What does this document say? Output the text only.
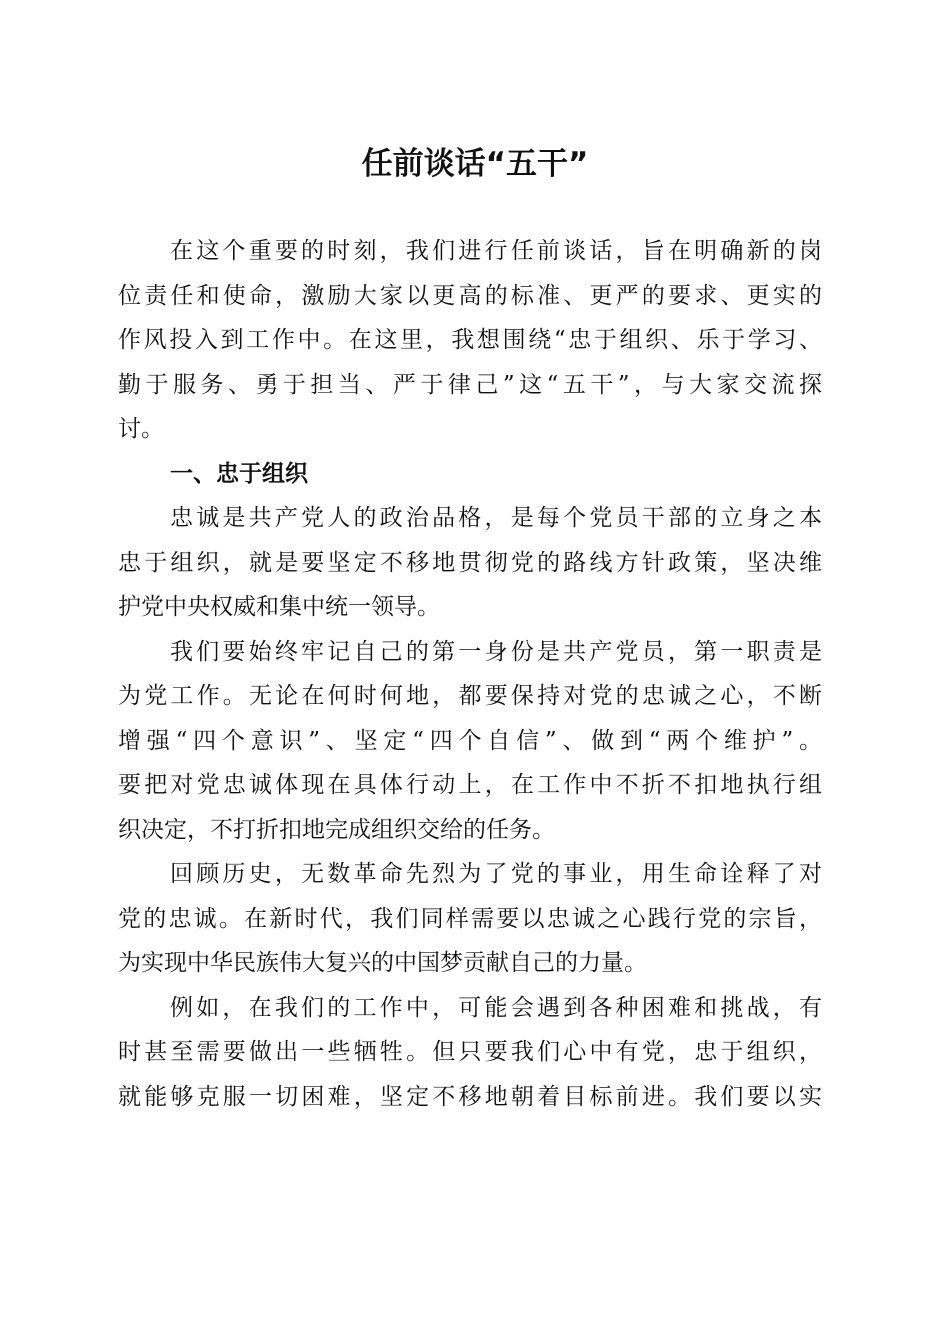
任前谈话“五干”
在这个重要的时刻，我们进行任前谈话，旨在明确新的岗
位责任和使命，激励大家以更高的标准、更严的要求、更实的
作风投入到工作中。在这里，我想围绕“忠于组织、乐于学习、
勤于服务、勇于担当、严于律己”这“五干”，与大家交流探
讨。
一、忠于组织
忠诚是共产党人的政治品格，是每个党员干部的立身之本
忠于组织，就是要坚定不移地贯彻党的路线方针政策，坚决维
护党中央权威和集中统一领导。
我们要始终牢记自己的第一身份是共产党员，第一职责是
为党工作。无论在何时何地，都要保持对党的忠诚之心，不断
增强“四个意识”、坚定“四个自信”、做到“两个维护”。
要把对党忠诚体现在具体行动上，在工作中不折不扣地执行组
织决定，不打折扣地完成组织交给的任务。
回顾历史，无数革命先烈为了党的事业，用生命诠释了对
党的忠诚。在新时代，我们同样需要以忠诚之心践行党的宗旨，
为实现中华民族伟大复兴的中国梦贡献自己的力量。
例如，在我们的工作中，可能会遇到各种困难和挑战，有
时甚至需要做出一些牺牲。但只要我们心中有党，忠于组织，
就能够克服一切困难，坚定不移地朝着目标前进。我们要以实
